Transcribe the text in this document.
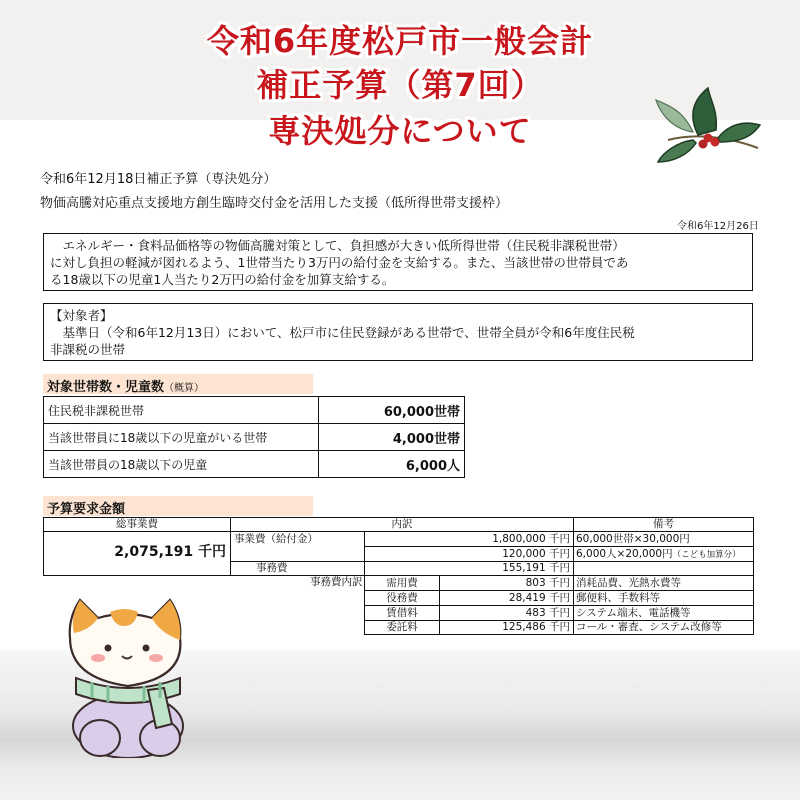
令和6年度松戸市一般会計
補正予算（第7回）
専決処分について
令和6年12月18日補正予算（専決処分）
物価高騰対応重点支援地方創生臨時交付金を活用した支援（低所得世帯支援枠）
令和6年12月26日
　エネルギー・食料品価格等の物価高騰対策として、負担感が大きい低所得世帯（住民税非課税世帯）
に対し負担の軽減が図れるよう、1世帯当たり3万円の給付金を支給する。また、当該世帯の世帯員であ
る18歳以下の児童1人当たり2万円の給付金を加算支給する。
【対象者】
　基準日（令和6年12月13日）において、松戸市に住民登録がある世帯で、世帯全員が令和6年度住民税
非課税の世帯
対象世帯数・児童数（概算）
住民税非課税世帯	60,000世帯
当該世帯員に18歳以下の児童がいる世帯	4,000世帯
当該世帯員の18歳以下の児童	6,000人
予算要求金額
総事業費	内訳	備考
2,075,191 千円
事業費（給付金）	1,800,000 千円 60,000世帯×30,000円
120,000 千円 6,000人×20,000円（こども加算分）
事務費	155,191 千円
事務費内訳	需用費	803 千円 消耗品費、光熱水費等
役務費	28,419 千円 郵便料、手数料等
賃借料	483 千円 システム端末、電話機等
委託料	125,486 千円 コール・審査、システム改修等
